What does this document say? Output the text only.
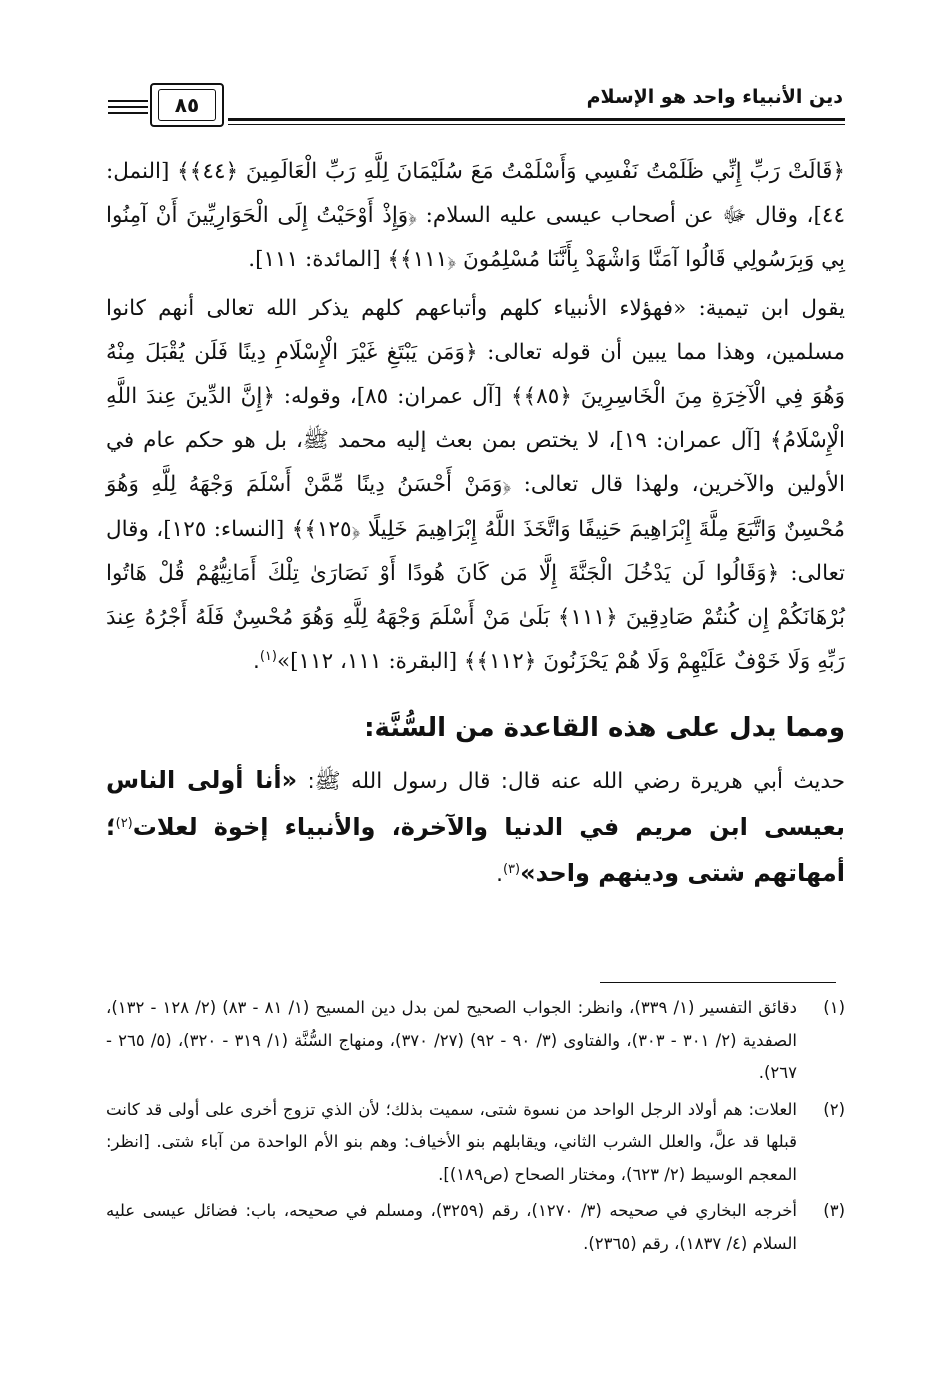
دين الأنبياء واحد هو الإسلام
٨٥

﴿قَالَتْ رَبِّ إِنِّي ظَلَمْتُ نَفْسِي وَأَسْلَمْتُ مَعَ سُلَيْمَانَ لِلَّهِ رَبِّ الْعَالَمِينَ ﴿٤٤﴾﴾ [النمل: ٤٤]، وقال ﷻ عن أصحاب عيسى عليه السلام: ﴿وَإِذْ أَوْحَيْتُ إِلَى الْحَوَارِيِّينَ أَنْ آمِنُوا بِي وَبِرَسُولِي قَالُوا آمَنَّا وَاشْهَدْ بِأَنَّنَا مُسْلِمُونَ ﴿١١١﴾﴾ [المائدة: ١١١].

يقول ابن تيمية: «فهؤلاء الأنبياء كلهم وأتباعهم كلهم يذكر الله تعالى أنهم كانوا مسلمين، وهذا مما يبين أن قوله تعالى: ﴿وَمَن يَبْتَغِ غَيْرَ الْإِسْلَامِ دِينًا فَلَن يُقْبَلَ مِنْهُ وَهُوَ فِي الْآخِرَةِ مِنَ الْخَاسِرِينَ ﴿٨٥﴾﴾ [آل عمران: ٨٥]، وقوله: ﴿إِنَّ الدِّينَ عِندَ اللَّهِ الْإِسْلَامُ﴾ [آل عمران: ١٩]، لا يختص بمن بعث إليه محمد ﷺ، بل هو حكم عام في الأولين والآخرين، ولهذا قال تعالى: ﴿وَمَنْ أَحْسَنُ دِينًا مِّمَّنْ أَسْلَمَ وَجْهَهُ لِلَّهِ وَهُوَ مُحْسِنٌ وَاتَّبَعَ مِلَّةَ إِبْرَاهِيمَ حَنِيفًا وَاتَّخَذَ اللَّهُ إِبْرَاهِيمَ خَلِيلًا ﴿١٢٥﴾﴾ [النساء: ١٢٥]، وقال تعالى: ﴿وَقَالُوا لَن يَدْخُلَ الْجَنَّةَ إِلَّا مَن كَانَ هُودًا أَوْ نَصَارَىٰ تِلْكَ أَمَانِيُّهُمْ قُلْ هَاتُوا بُرْهَانَكُمْ إِن كُنتُمْ صَادِقِينَ ﴿١١١﴾ بَلَىٰ مَنْ أَسْلَمَ وَجْهَهُ لِلَّهِ وَهُوَ مُحْسِنٌ فَلَهُ أَجْرُهُ عِندَ رَبِّهِ وَلَا خَوْفٌ عَلَيْهِمْ وَلَا هُمْ يَحْزَنُونَ ﴿١١٢﴾﴾ [البقرة: ١١١، ١١٢]»$^{(١)}$.

ومما يدل على هذه القاعدة من السُّنَّة:

حديث أبي هريرة رضي الله عنه قال: قال رسول الله ﷺ: «أنا أولى الناس بعيسى ابن مريم في الدنيا والآخرة، والأنبياء إخوة لعلات$^{(٢)}$؛ أمهاتهم شتى ودينهم واحد»$^{(٣)}$.

(١)
دقائق التفسير (١/ ٣٣٩)، وانظر: الجواب الصحيح لمن بدل دين المسيح (١/ ٨١ - ٨٣) (٢/ ١٢٨ - ١٣٢)، الصفدية (٢/ ٣٠١ - ٣٠٣)، والفتاوى (٣/ ٩٠ - ٩٢) (٢٧/ ٣٧٠)، ومنهاج السُّنَّة (١/ ٣١٩ - ٣٢٠)، (٥/ ٢٦٥ - ٢٦٧).
(٢)
العلات: هم أولاد الرجل الواحد من نسوة شتى، سميت بذلك؛ لأن الذي تزوج أخرى على أولى قد كانت قبلها قد علَّ، والعلل الشرب الثاني، ويقابلهم بنو الأخياف: وهم بنو الأم الواحدة من آباء شتى. [انظر: المعجم الوسيط (٢/ ٦٢٣)، ومختار الصحاح (ص١٨٩)].
(٣)
أخرجه البخاري في صحيحه (٣/ ١٢٧٠)، رقم (٣٢٥٩)، ومسلم في صحيحه، باب: فضائل عيسى عليه السلام (٤/ ١٨٣٧)، رقم (٢٣٦٥).
